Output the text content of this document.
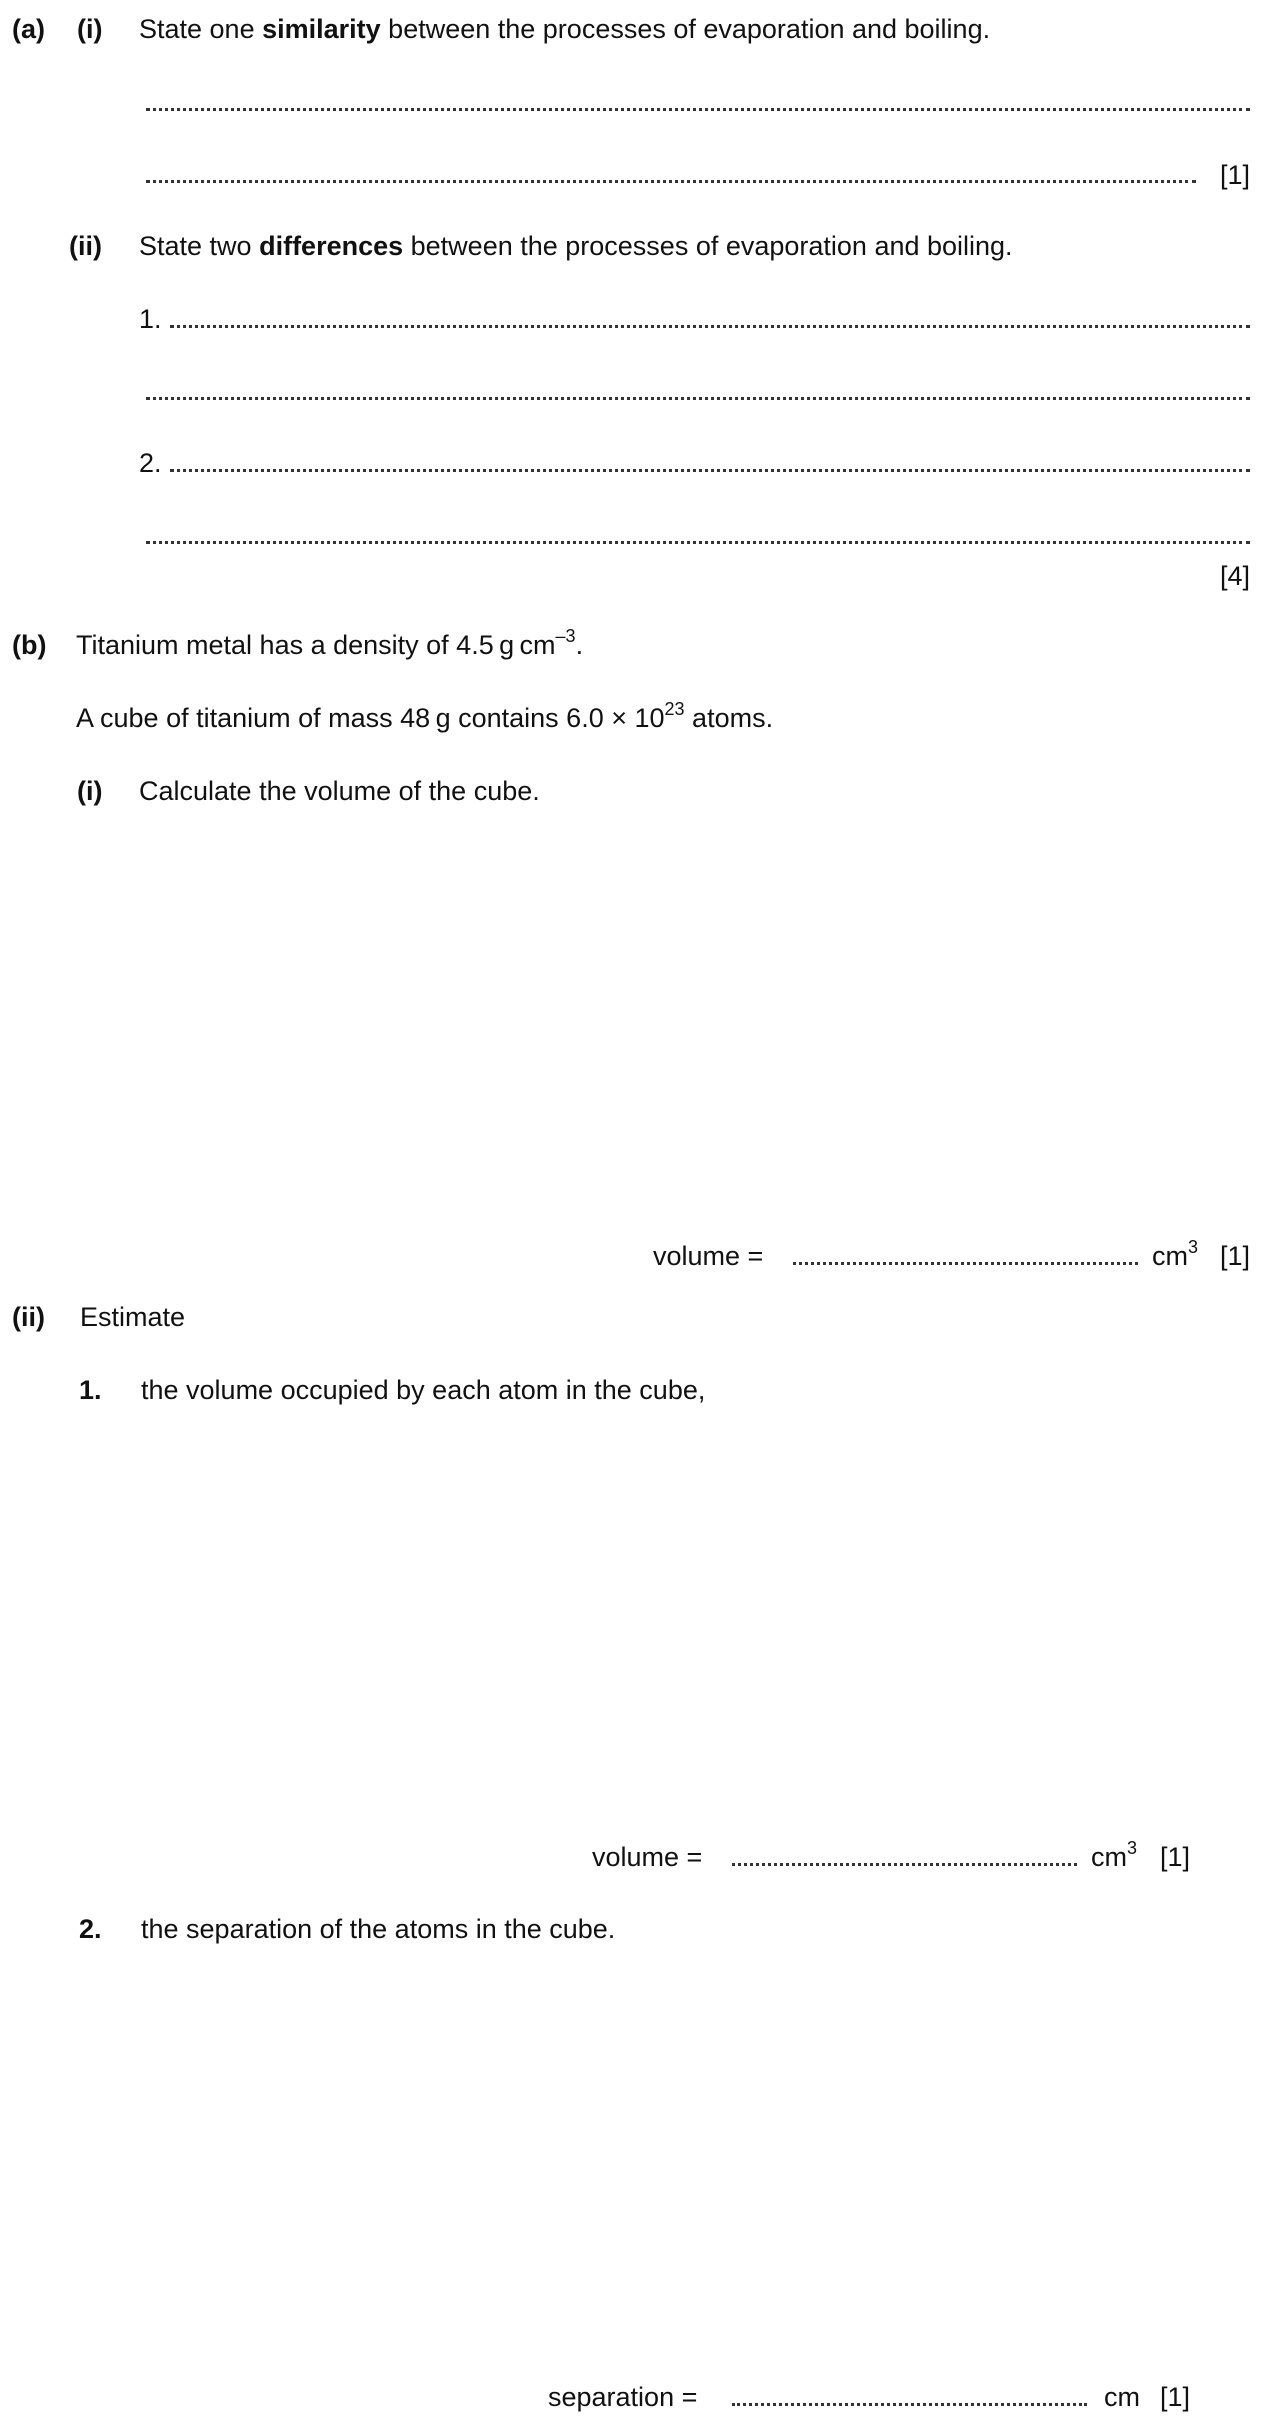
(a) (i) State one similarity between the processes of evaporation and boiling.
[1]
(ii) State two differences between the processes of evaporation and boiling.
1.
2.
[4]
(b) Titanium metal has a density of 4.5 g $cm^{-3}$.
A cube of titanium of mass 48 g contains $6.0 \times 10^{23}$ atoms.
(i) Calculate the volume of the cube.
volume =	$cm^3$ [1]
(ii) Estimate
1. the volume occupied by each atom in the cube,
volume =	$cm^3$ [1]
2. the separation of the atoms in the cube.
separation =	cm [1]
